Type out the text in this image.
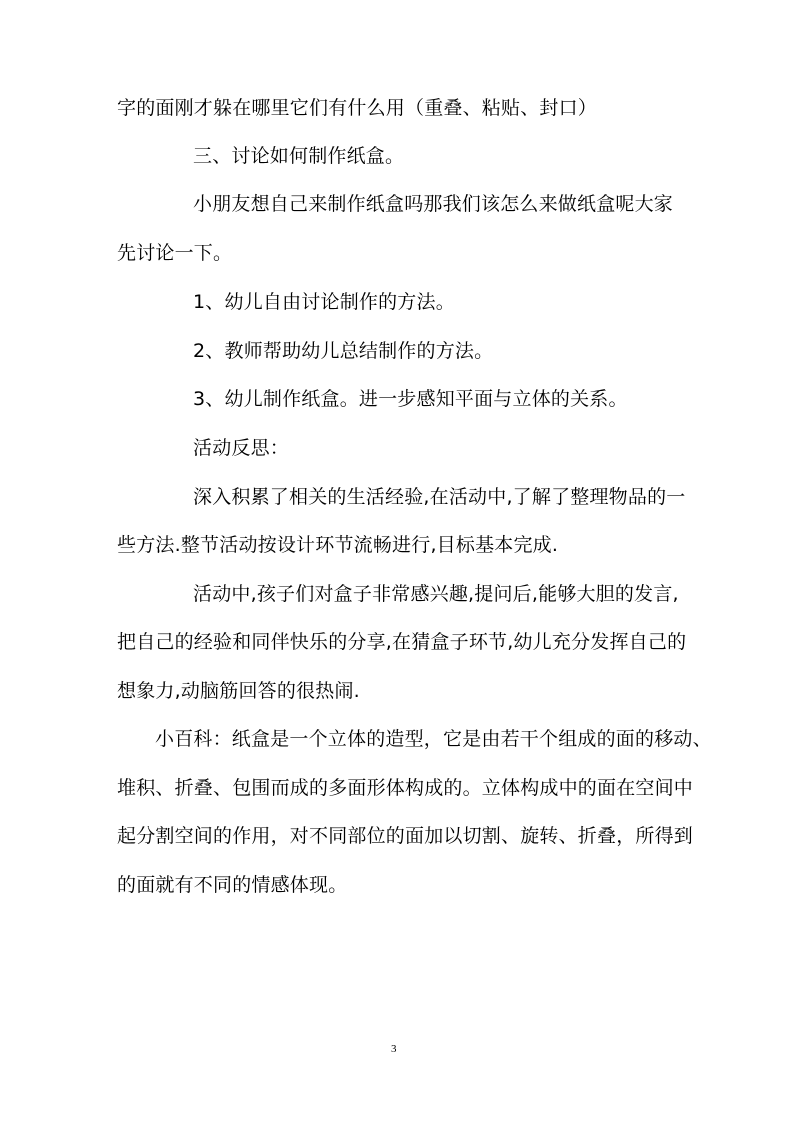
字的面刚才躲在哪里它们有什么用（重叠、粘贴、封口）
三、讨论如何制作纸盒。
小朋友想自己来制作纸盒吗那我们该怎么来做纸盒呢大家
先讨论一下。
1、幼儿自由讨论制作的方法。
2、教师帮助幼儿总结制作的方法。
3、幼儿制作纸盒。进一步感知平面与立体的关系。
活动反思：
深入积累了相关的生活经验,在活动中,了解了整理物品的一
些方法.整节活动按设计环节流畅进行,目标基本完成.
活动中,孩子们对盒子非常感兴趣,提问后,能够大胆的发言,
把自己的经验和同伴快乐的分享,在猜盒子环节,幼儿充分发挥自己的
想象力,动脑筋回答的很热闹.
小百科：纸盒是一个立体的造型，它是由若干个组成的面的移动、
堆积、折叠、包围而成的多面形体构成的。立体构成中的面在空间中
起分割空间的作用，对不同部位的面加以切割、旋转、折叠，所得到
的面就有不同的情感体现。
3
